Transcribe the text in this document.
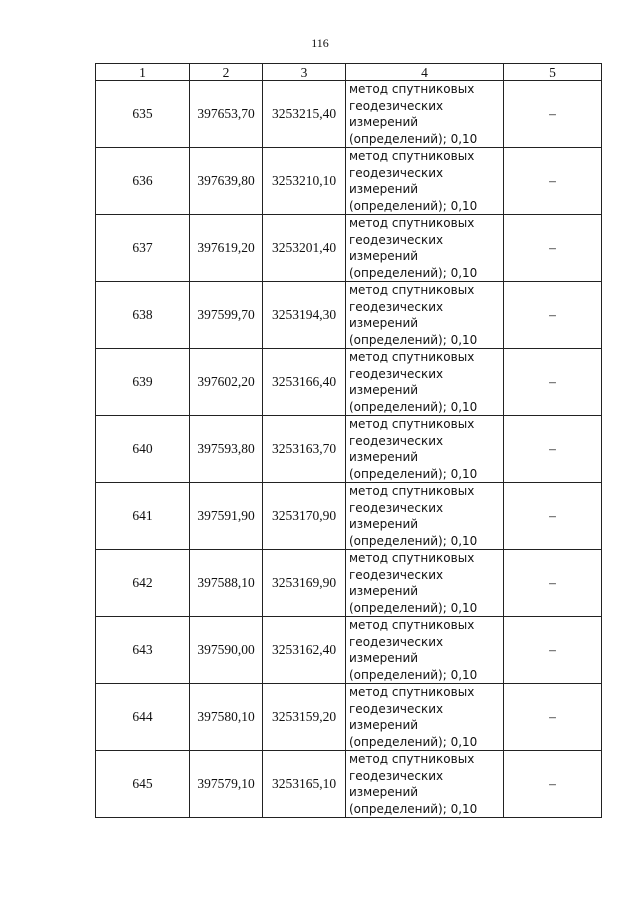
116
1	2	3	4	5
635	397653,70	3253215,40	метод спутниковых
геодезических
измерений
(определений); 0,10	–
636	397639,80	3253210,10	метод спутниковых
геодезических
измерений
(определений); 0,10	–
637	397619,20	3253201,40	метод спутниковых
геодезических
измерений
(определений); 0,10	–
638	397599,70	3253194,30	метод спутниковых
геодезических
измерений
(определений); 0,10	–
639	397602,20	3253166,40	метод спутниковых
геодезических
измерений
(определений); 0,10	–
640	397593,80	3253163,70	метод спутниковых
геодезических
измерений
(определений); 0,10	–
641	397591,90	3253170,90	метод спутниковых
геодезических
измерений
(определений); 0,10	–
642	397588,10	3253169,90	метод спутниковых
геодезических
измерений
(определений); 0,10	–
643	397590,00	3253162,40	метод спутниковых
геодезических
измерений
(определений); 0,10	–
644	397580,10	3253159,20	метод спутниковых
геодезических
измерений
(определений); 0,10	–
645	397579,10	3253165,10	метод спутниковых
геодезических
измерений
(определений); 0,10	–
